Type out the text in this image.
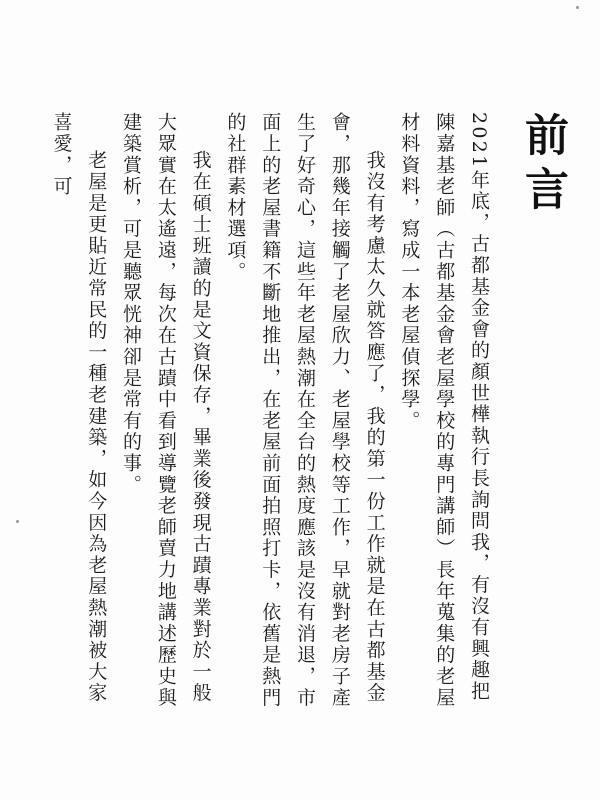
前言

2021年底，古都基金會的顏世樺執行長詢問我，有沒有興趣把陳嘉基老師（古都基金會老屋學校的專門講師）長年蒐集的老屋材料資料，寫成一本老屋偵探學。

我沒有考慮太久就答應了，我的第一份工作就是在古都基金會，那幾年接觸了老屋欣力、老屋學校等工作，早就對老房子產生了好奇心，這些年老屋熱潮在全台的熱度應該是沒有消退，市面上的老屋書籍不斷地推出，在老屋前面拍照打卡，依舊是熱門的社群素材選項。

我在碩士班讀的是文資保存，畢業後發現古蹟專業對於一般大眾實在太遙遠，每次在古蹟中看到導覽老師賣力地講述歷史與建築賞析，可是聽眾恍神卻是常有的事。

老屋是更貼近常民的一種老建築，如今因為老屋熱潮被大家喜愛，可
